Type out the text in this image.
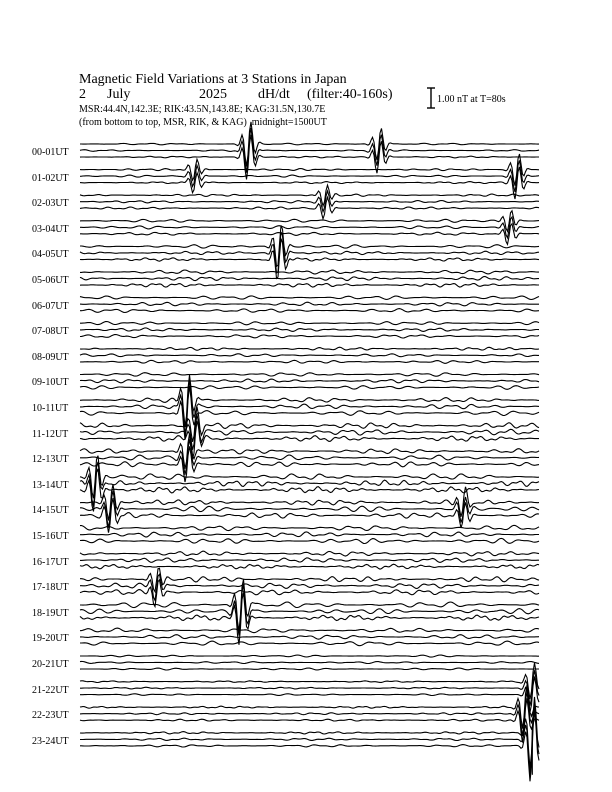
Magnetic Field Variations at 3 Stations in Japan
2 July	2025 dH/dt (filter:40-160s)
MSR:44.4N,142.3E; RIK:43.5N,143.8E; KAG:31.5N,130.7E
(from bottom to top, MSR, RIK, & KAG) midnight=1500UT
1.00 nT at T=80s
00-01UT
01-02UT
02-03UT
03-04UT
04-05UT
05-06UT
06-07UT
07-08UT
08-09UT
09-10UT
10-11UT
11-12UT
12-13UT
13-14UT
14-15UT
15-16UT
16-17UT
17-18UT
18-19UT
19-20UT
20-21UT
21-22UT
22-23UT
23-24UT
